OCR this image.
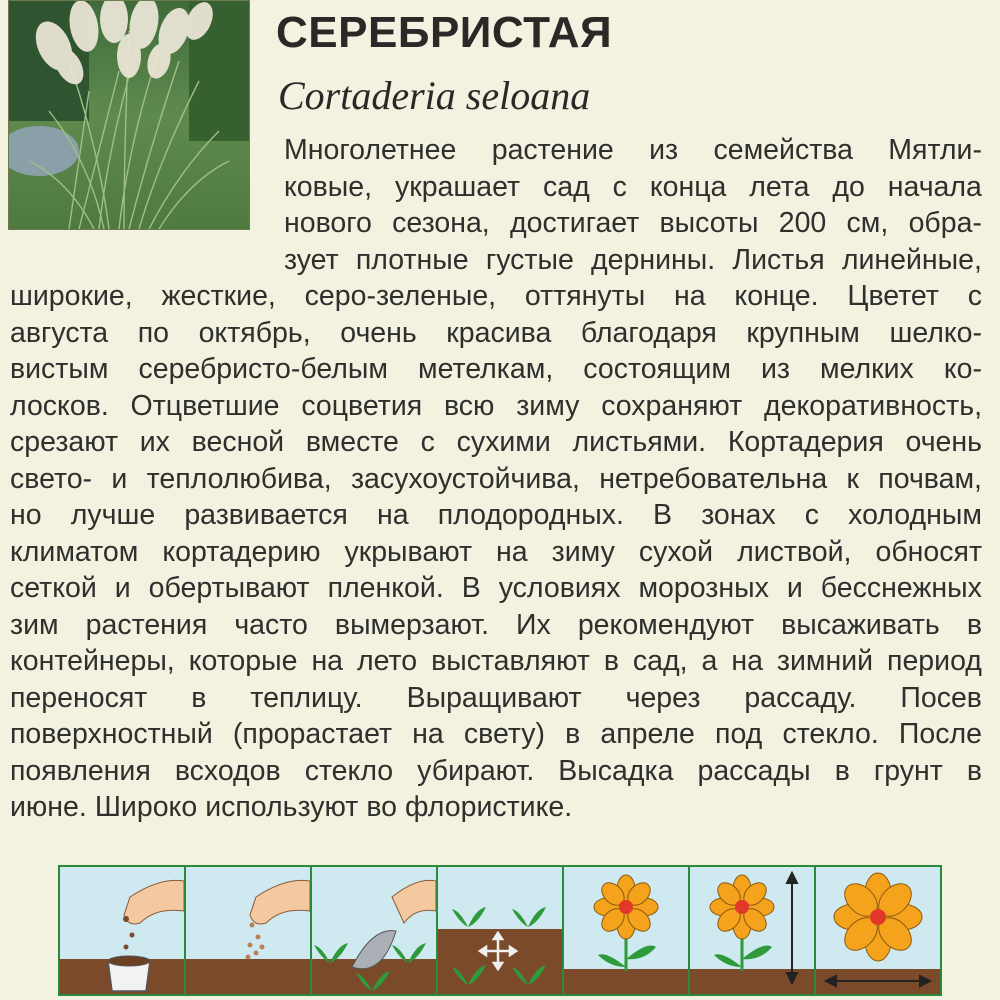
СЕРЕБРИСТАЯ
Cortaderia seloana
Многолетнее растение из семейства Мятли-
ковые, украшает сад с конца лета до начала
нового сезона, достигает высоты 200 см, обра-
зует плотные густые дернины. Листья линейные,
широкие, жесткие, серо-зеленые, оттянуты на конце. Цветет с
августа по октябрь, очень красива благодаря крупным шелко-
вистым серебристо-белым метелкам, состоящим из мелких ко-
лосков. Отцветшие соцветия всю зиму сохраняют декоративность,
срезают их весной вместе с сухими листьями. Кортадерия очень
свето- и теплолюбива, засухоустойчива, нетребовательна к почвам,
но лучше развивается на плодородных. В зонах с холодным
климатом кортадерию укрывают на зиму сухой листвой, обносят
сеткой и обертывают пленкой. В условиях морозных и бесснежных
зим растения часто вымерзают. Их рекомендуют высаживать в
контейнеры, которые на лето выставляют в сад, а на зимний период
переносят в теплицу. Выращивают через рассаду. Посев
поверхностный (прорастает на свету) в апреле под стекло. После
появления всходов стекло убирают. Высадка рассады в грунт в
июне. Широко используют во флористике.
